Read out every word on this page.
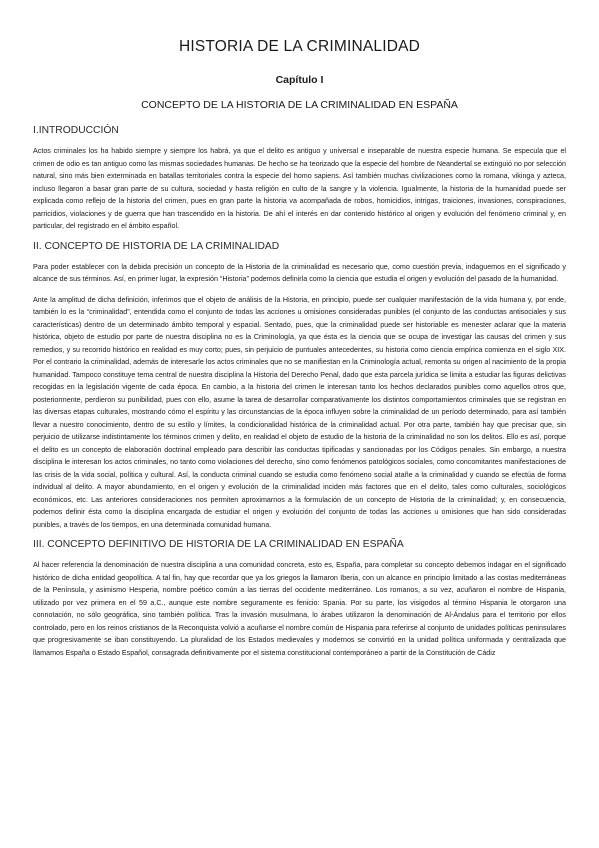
HISTORIA DE LA CRIMINALIDAD
Capítulo I
CONCEPTO DE LA HISTORIA DE LA CRIMINALIDAD EN ESPAÑA
I.INTRODUCCIÓN

Actos criminales los ha habido siempre y siempre los habrá, ya que el delito es antiguo y universal e inseparable de nuestra especie humana. Se especula que el crimen de odio es tan antiguo como las mismas sociedades humanas. De hecho se ha teorizado que la especie del hombre de Neandertal se extinguió no por selección natural, sino más bien exterminada en batallas territoriales contra la especie del homo sapiens. Así también muchas civilizaciones como la romana, vikinga y azteca, incluso llegaron a basar gran parte de su cultura, sociedad y hasta religión en culto de la sangre y la violencia. Igualmente, la historia de la humanidad puede ser explicada como reflejo de la historia del crimen, pues en gran parte la historia va acompañada de robos, homicidios, intrigas, traiciones, invasiones, conspiraciones, parricidios, violaciones y de guerra que han trascendido en la historia. De ahí el interés en dar contenido histórico al origen y evolución del fenómeno criminal y, en particular, del registrado en el ámbito español.

II. CONCEPTO DE HISTORIA DE LA CRIMINALIDAD

Para poder establecer con la debida precisión un concepto de la Historia de la criminalidad es necesario que, como cuestión previa, indaguemos en el significado y alcance de sus términos. Así, en primer lugar, la expresión “Historia” podemos definirla como la ciencia que estudia el origen y evolución del pasado de la humanidad.

Ante la amplitud de dicha definición, inferimos que el objeto de análisis de la Historia, en principio, puede ser cualquier manifestación de la vida humana y, por ende, también lo es la “criminalidad”, entendida como el conjunto de todas las acciones u omisiones consideradas punibles (el conjunto de las conductas antisociales y sus características) dentro de un determinado ámbito temporal y espacial. Sentado, pues, que la criminalidad puede ser historiable es menester aclarar que la materia histórica, objeto de estudio por parte de nuestra disciplina no es la Criminología, ya que ésta es la ciencia que se ocupa de investigar las causas del crimen y sus remedios, y su recorrido histórico en realidad es muy corto; pues, sin perjuicio de puntuales antecedentes, su historia como ciencia empírica comienza en el siglo XIX. Por el contrario la criminalidad, además de interesarle los actos criminales que no se manifiestan en la Criminología actual, remonta su origen al nacimiento de la propia humanidad. Tampoco constituye tema central de nuestra disciplina la Historia del Derecho Penal, dado que esta parcela jurídica se limita a estudiar las figuras delictivas recogidas en la legislación vigente de cada época. En cambio, a la historia del crimen le interesan tanto los hechos declarados punibles como aquellos otros que, posteriormente, perdieron su punibilidad, pues con ello, asume la tarea de desarrollar comparativamente los distintos comportamientos criminales que se registran en las diversas etapas culturales, mostrando cómo el espíritu y las circunstancias de la época influyen sobre la criminalidad de un período determinado, para así también llevar a nuestro conocimiento, dentro de su estilo y límites, la condicionalidad histórica de la criminalidad actual. Por otra parte, también hay que precisar que, sin perjuicio de utilizarse indistintamente los términos crimen y delito, en realidad el objeto de estudio de la historia de la criminalidad no son los delitos. Ello es así, porque el delito es un concepto de elaboración doctrinal empleado para describir las conductas tipificadas y sancionadas por los Códigos penales. Sin embargo, a nuestra disciplina le interesan los actos criminales, no tanto como violaciones del derecho, sino como fenómenos patológicos sociales, como concomitantes manifestaciones de las crisis de la vida social, política y cultural. Así, la conducta criminal cuando se estudia como fenómeno social atañe a la criminalidad y cuando se efectúa de forma individual al delito. A mayor abundamiento, en el origen y evolución de la criminalidad inciden más factores que en el delito, tales como culturales, sociológicos económicos, etc. Las anteriores consideraciones nos permiten aproximarnos a la formulación de un concepto de Historia de la criminalidad; y, en consecuencia, podemos definir ésta como la disciplina encargada de estudiar el origen y evolución del conjunto de todas las acciones u omisiones que han sido consideradas punibles, a través de los tiempos, en una determinada comunidad humana.

III. CONCEPTO DEFINITIVO DE HISTORIA DE LA CRIMINALIDAD EN ESPAÑA

Al hacer referencia la denominación de nuestra disciplina a una comunidad concreta, esto es, España, para completar su concepto debemos indagar en el significado histórico de dicha entidad geopolítica. A tal fin, hay que recordar que ya los griegos la llamaron Iberia, con un alcance en principio limitado a las costas mediterráneas de la Península, y asimismo Hesperia, nombre poético común a las tierras del occidente mediterráneo. Los romanos, a su vez, acuñaron el nombre de Hispania, utilizado por vez primera en el 59 a.C., aunque este nombre seguramente es fenicio: Spania. Por su parte, los visigodos al término Hispania le otorgaron una connotación, no sólo geográfica, sino también política. Tras la invasión musulmana, lo árabes utilizaron la denominación de Al-Ándalus para el territorio por ellos controlado, pero en los reinos cristianos de la Reconquista volvió a acuñarse el nombre común de Hispania para referirse al conjunto de unidades políticas peninsulares que progresivamente se iban constituyendo. La pluralidad de los Estados medievales y modernos se convirtió en la unidad política uniformada y centralizada que llamamos España o Estado Español, consagrada definitivamente por el sistema constitucional contemporáneo a partir de la Constitución de Cádiz
